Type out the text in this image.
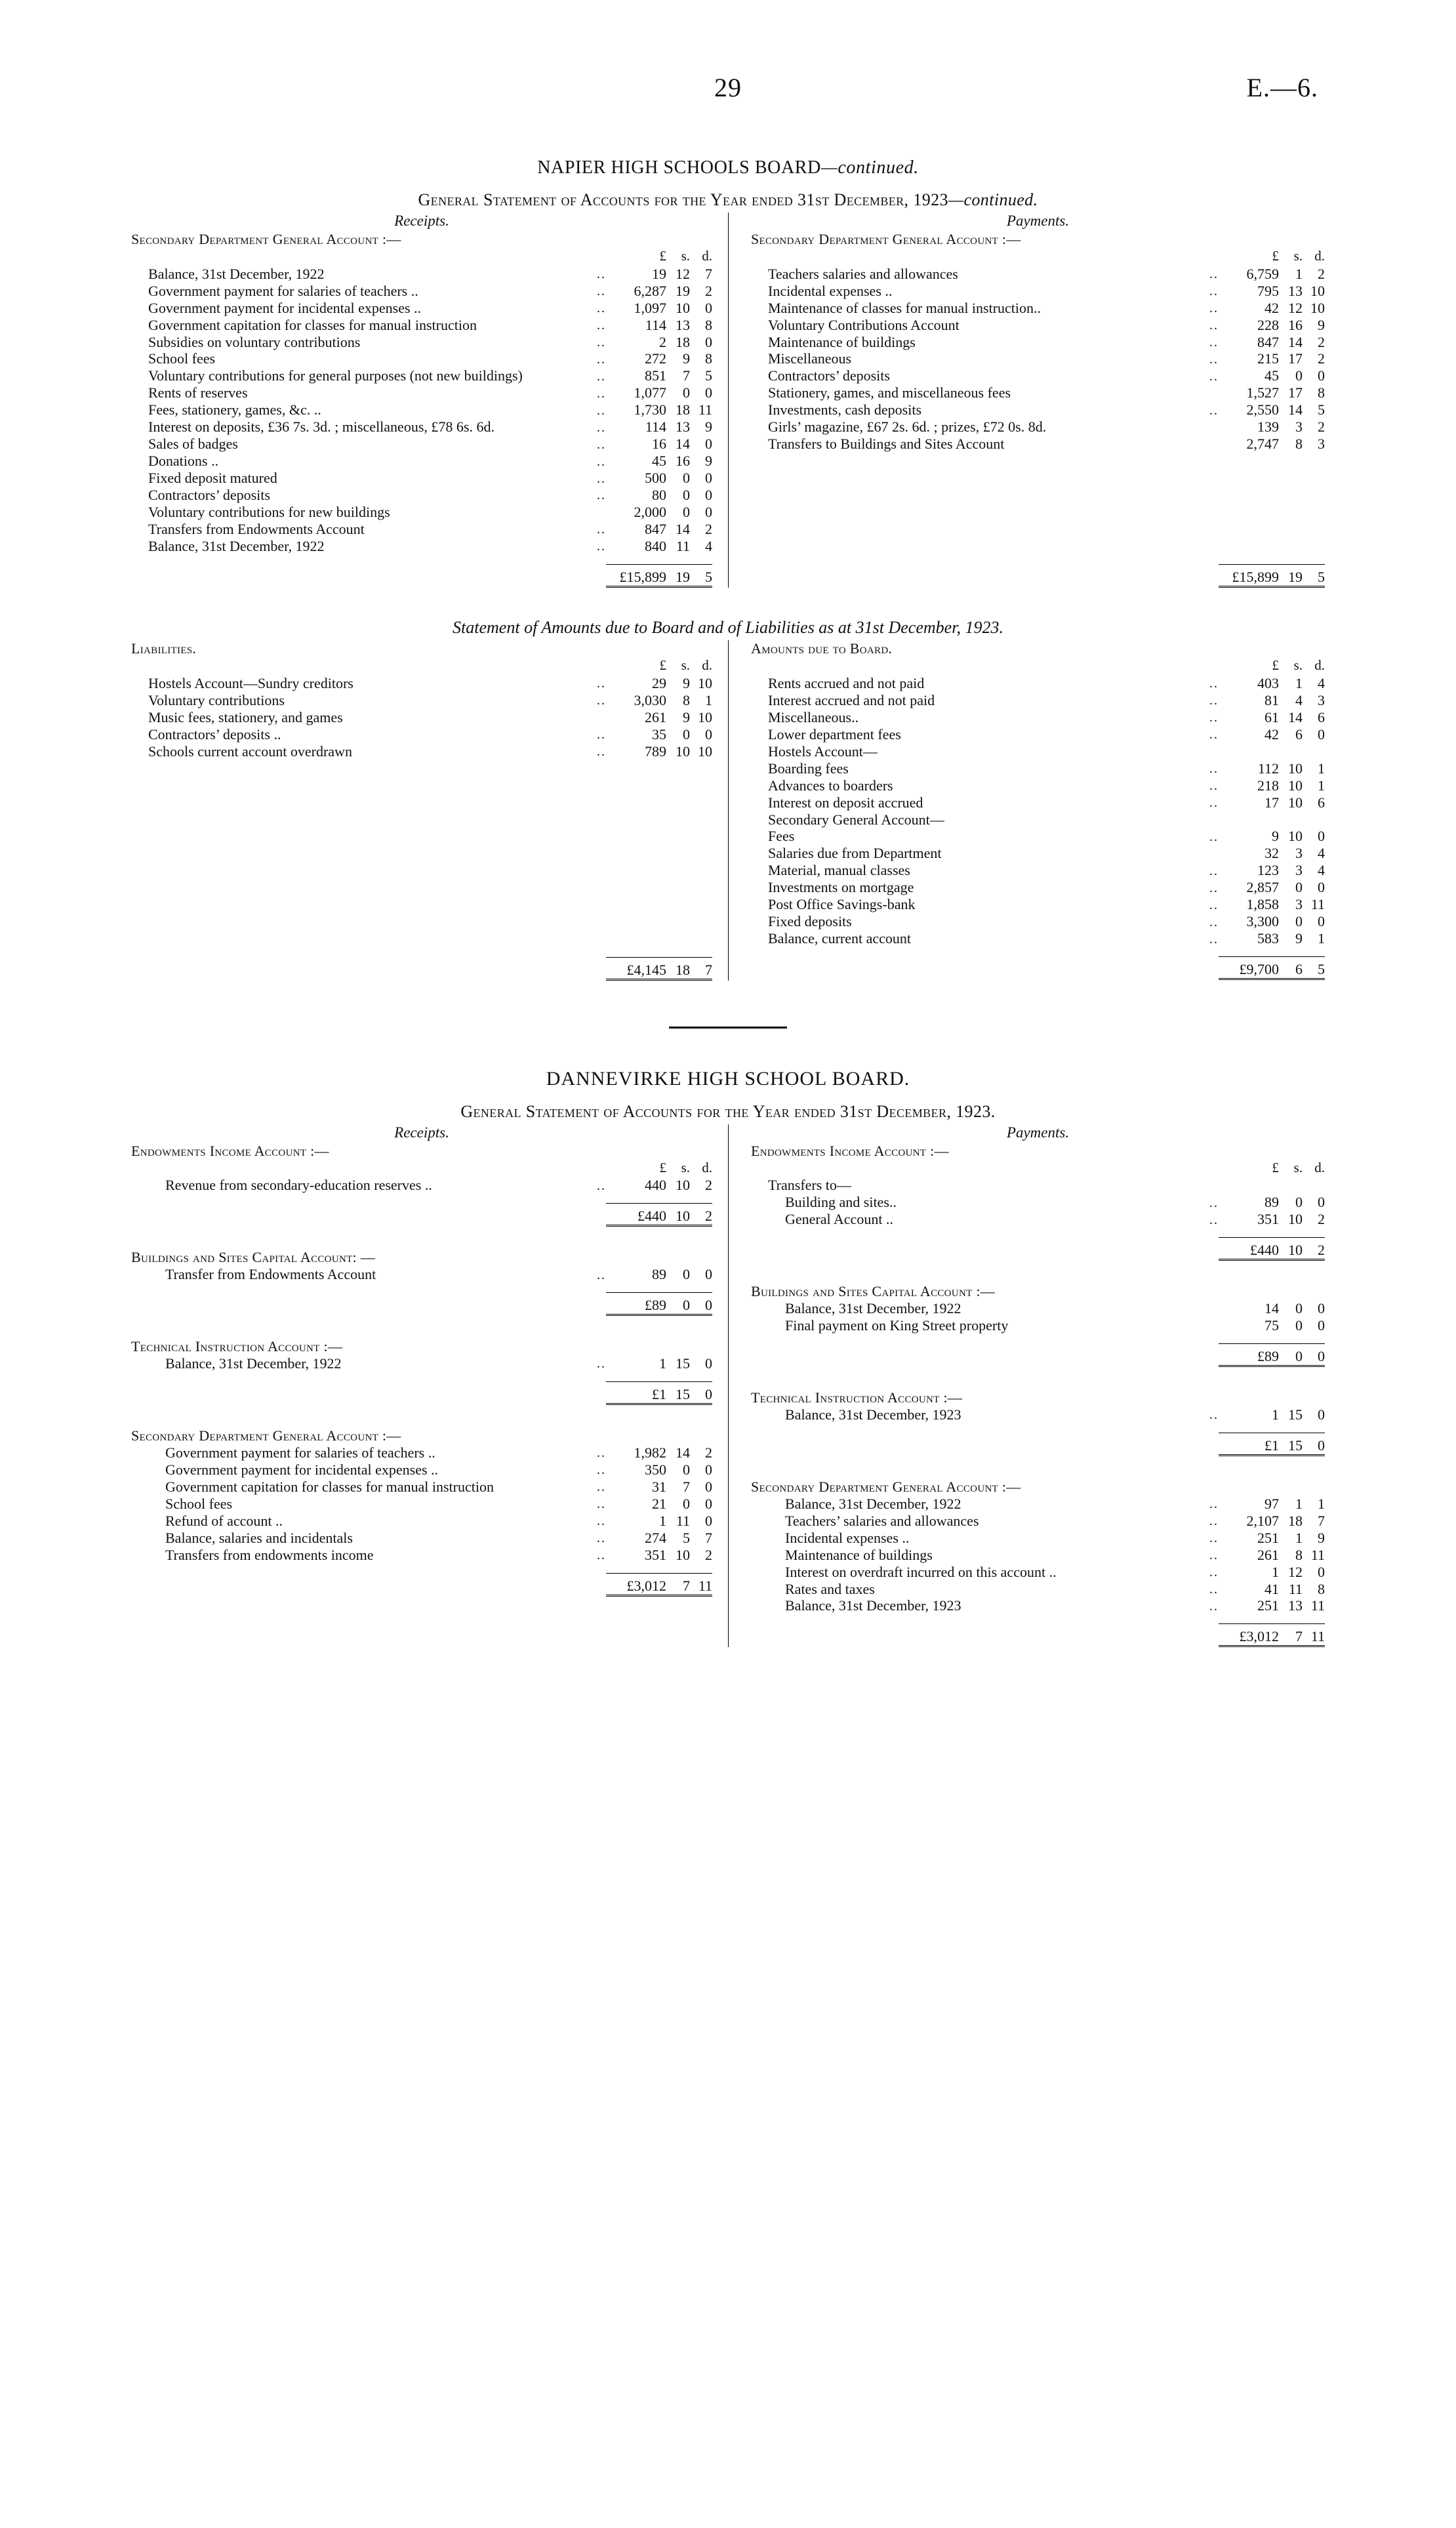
29	E.—6.
NAPIER HIGH SCHOOLS BOARD—continued.
General Statement of Accounts for the Year ended 31st December, 1923—continued.
Receipts.
Secondary Department General Account :—				
		£	s.	d.
Balance, 31st December, 1922	..	19	12	7
Government payment for salaries of teachers ..	..	6,287	19	2
Government payment for incidental expenses ..	..	1,097	10	0
Government capitation for classes for manual instruction	..	114	13	8
Subsidies on voluntary contributions	..	2	18	0
School fees	..	272	9	8
Voluntary contributions for general purposes (not new buildings)	..	851	7	5
Rents of reserves	..	1,077	0	0
Fees, stationery, games, &c. ..	..	1,730	18	11
Interest on deposits, £36 7s. 3d. ; miscellaneous, £78 6s. 6d.	..	114	13	9
Sales of badges	..	16	14	0
Donations ..	..	45	16	9
Fixed deposit matured	..	500	0	0
Contractors’ deposits	..	80	0	0
Voluntary contributions for new buildings		2,000	0	0
Transfers from Endowments Account	..	847	14	2
Balance, 31st December, 1922	..	840	11	4

		£15,899	19	5
Payments.
Secondary Department General Account :—				
		£	s.	d.
Teachers salaries and allowances	..	6,759	1	2
Incidental expenses ..	..	795	13	10
Maintenance of classes for manual instruction..	..	42	12	10
Voluntary Contributions Account	..	228	16	9
Maintenance of buildings	..	847	14	2
Miscellaneous	..	215	17	2
Contractors’ deposits	..	45	0	0
Stationery, games, and miscellaneous fees		1,527	17	8
Investments, cash deposits	..	2,550	14	5
Girls’ magazine, £67 2s. 6d. ; prizes, £72 0s. 8d.		139	3	2
Transfers to Buildings and Sites Account		2,747	8	3

		£15,899	19	5
Statement of Amounts due to Board and of Liabilities as at 31st December, 1923.
Liabilities.				
		£	s.	d.
Hostels Account—Sundry creditors	..	29	9	10
Voluntary contributions	..	3,030	8	1
Music fees, stationery, and games		261	9	10
Contractors’ deposits ..	..	35	0	0
Schools current account overdrawn	..	789	10	10

		£4,145	18	7
Amounts due to Board.				
		£	s.	d.
Rents accrued and not paid	..	403	1	4
Interest accrued and not paid	..	81	4	3
Miscellaneous..	..	61	14	6
Lower department fees	..	42	6	0
Hostels Account—				
Boarding fees	..	112	10	1
Advances to boarders	..	218	10	1
Interest on deposit accrued	..	17	10	6
Secondary General Account—				
Fees	..	9	10	0
Salaries due from Department		32	3	4
Material, manual classes	..	123	3	4
Investments on mortgage	..	2,857	0	0
Post Office Savings-bank	..	1,858	3	11
Fixed deposits	..	3,300	0	0
Balance, current account	..	583	9	1

		£9,700	6	5
DANNEVIRKE HIGH SCHOOL BOARD.
General Statement of Accounts for the Year ended 31st December, 1923.
Receipts.
Endowments Income Account :—				
		£	s.	d.
Revenue from secondary-education reserves ..	..	440	10	2

		£440	10	2
Buildings and Sites Capital Account: —				
Transfer from Endowments Account	..	89	0	0

		£89	0	0
Technical Instruction Account :—				
Balance, 31st December, 1922	..	1	15	0

		£1	15	0
Secondary Department General Account :—				
Government payment for salaries of teachers ..	..	1,982	14	2
Government payment for incidental expenses ..	..	350	0	0
Government capitation for classes for manual instruction	..	31	7	0
School fees	..	21	0	0
Refund of account ..	..	1	11	0
Balance, salaries and incidentals	..	274	5	7
Transfers from endowments income	..	351	10	2

		£3,012	7	11
Payments.
Endowments Income Account :—				
		£	s.	d.
Transfers to—				
Building and sites..	..	89	0	0
General Account ..	..	351	10	2

		£440	10	2
Buildings and Sites Capital Account :—				
Balance, 31st December, 1922		14	0	0
Final payment on King Street property		75	0	0

		£89	0	0
Technical Instruction Account :—				
Balance, 31st December, 1923	..	1	15	0

		£1	15	0
Secondary Department General Account :—				
Balance, 31st December, 1922	..	97	1	1
Teachers’ salaries and allowances	..	2,107	18	7
Incidental expenses ..	..	251	1	9
Maintenance of buildings	..	261	8	11
Interest on overdraft incurred on this account ..	..	1	12	0
Rates and taxes	..	41	11	8
Balance, 31st December, 1923	..	251	13	11

		£3,012	7	11
